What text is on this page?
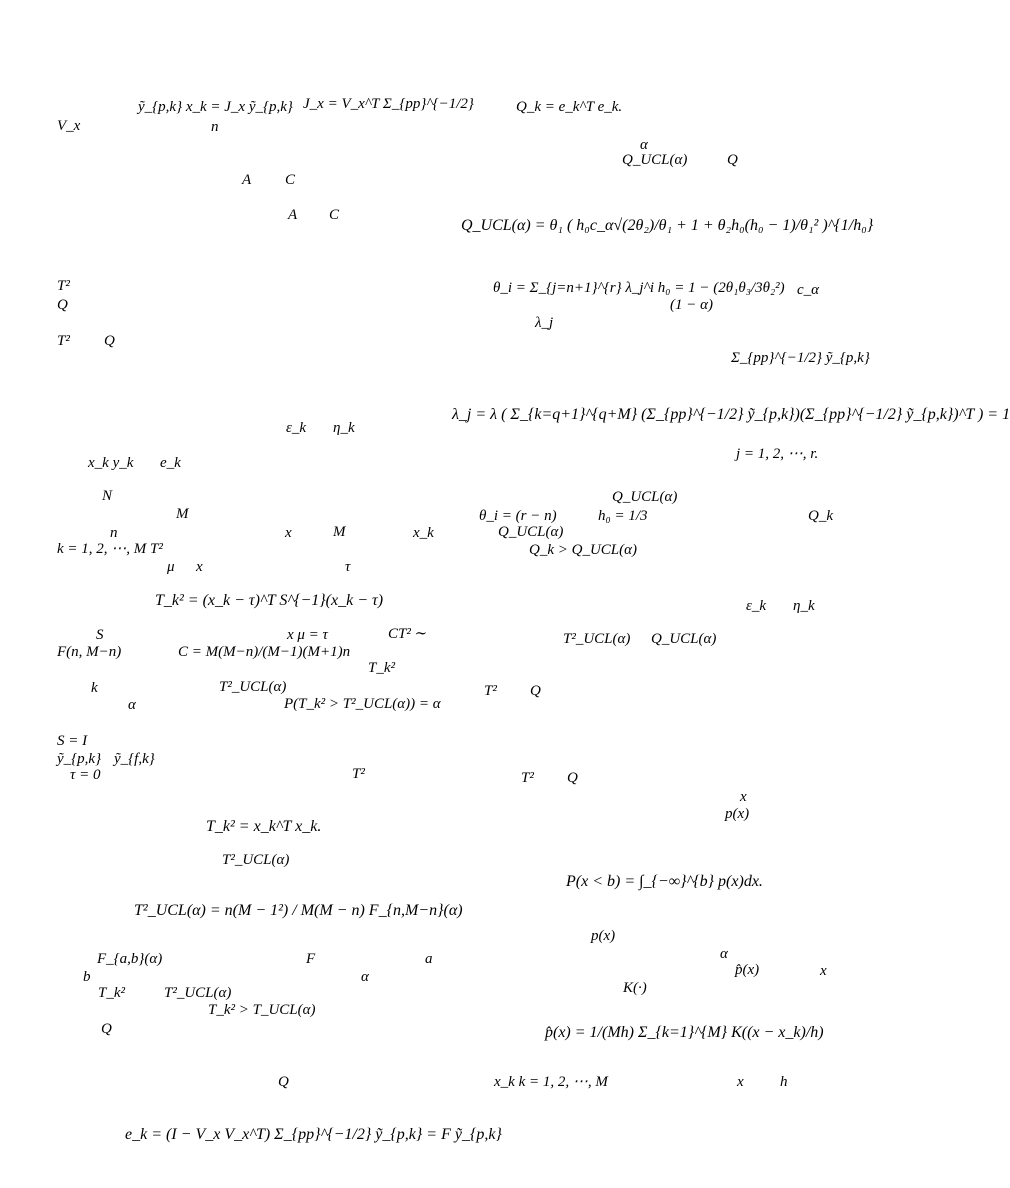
ỹ_{p,k} x_k = J_x ỹ_{p,k} J_x = V_x^T Σ_{pp}^{−1/2}
V_x	n
A C
A C
T²
Q
T² Q
ε_k η_k
x_k y_k e_k
N
M
n	x	M	x_k
k = 1, 2, ⋯, M T²
μ x	τ
T_k² = (x_k − τ)^T S^{−1}(x_k − τ)
S	x μ = τ	CT² ∼
F(n, M−n)	C = M(M−n)/(M−1)(M+1)n
T_k²
k	T²_UCL(α)
α	P(T_k² > T²_UCL(α)) = α
S = I
ỹ_{p,k} ỹ_{f,k}
τ = 0	T²
T_k² = x_k^T x_k.
T²_UCL(α)
T²_UCL(α) = n(M − 1²) / M(M − n) F_{n,M−n}(α)
F_{a,b}(α)	F	a
b	α
T_k²	T²_UCL(α)
T_k² > T_UCL(α)
Q
Q
e_k = (I − V_x V_x^T) Σ_{pp}^{−1/2} ỹ_{p,k} = F ỹ_{p,k}
Q_k = e_k^T e_k.
α
Q_UCL(α)	Q
Q_UCL(α) = θ₁ ( h₀c_α√(2θ₂)/θ₁ + 1 + θ₂h₀(h₀ − 1)/θ₁² )^{1/h₀}
θ_i = Σ_{j=n+1}^{r} λ_j^i h₀ = 1 − (2θ₁θ₃/3θ₂²) c_α
(1 − α)
λ_j
Σ_{pp}^{−1/2} ỹ_{p,k}
λ_j = λ ( Σ_{k=q+1}^{q+M} (Σ_{pp}^{−1/2} ỹ_{p,k})(Σ_{pp}^{−1/2} ỹ_{p,k})^T ) = 1
j = 1, 2, ⋯, r.
Q_UCL(α)
θ_i = (r − n)	h₀ = 1/3	Q_k
Q_UCL(α)
Q_k > Q_UCL(α)
ε_k η_k
T²_UCL(α) Q_UCL(α)
T² Q
T² Q
x
p(x)
P(x < b) = ∫_{−∞}^{b} p(x)dx.
p(x)
α
p̂(x)	x
K(·)
p̂(x) = 1/(Mh) Σ_{k=1}^{M} K((x − x_k)/h)
x_k k = 1, 2, ⋯, M	x h
